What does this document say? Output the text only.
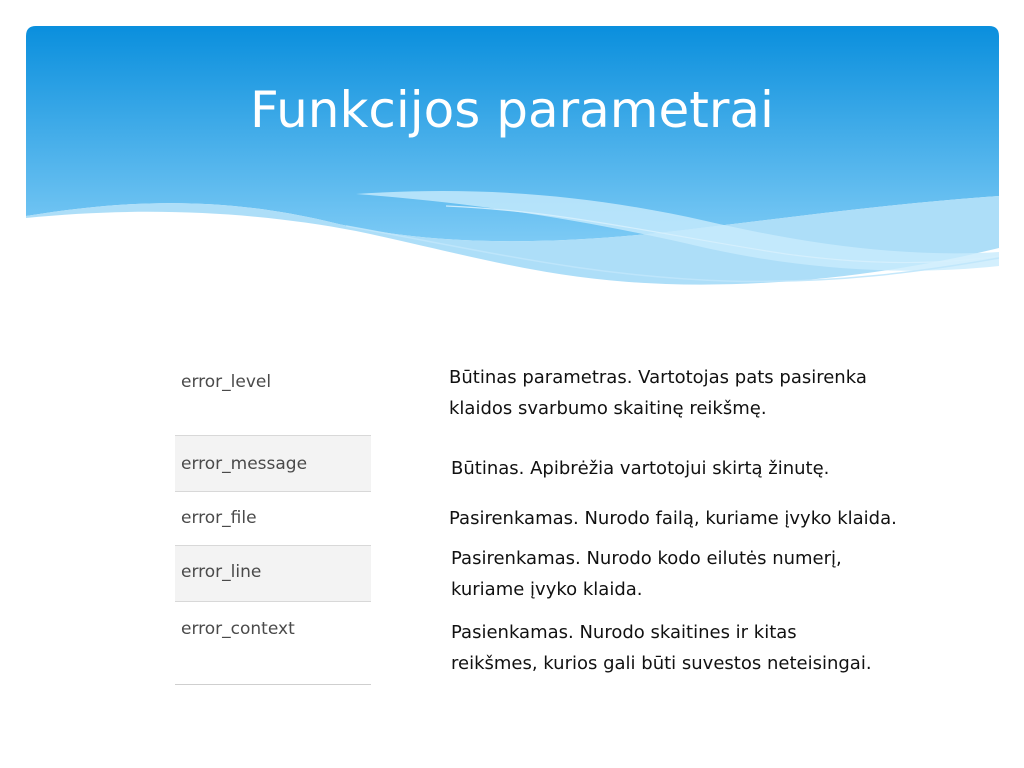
Funkcijos parametrai
error_level
error_message
error_file
error_line
error_context

Būtinas parametras. Vartotojas pats pasirenka
klaidos svarbumo skaitinę reikšmę.

Būtinas. Apibrėžia vartotojui skirtą žinutę.

Pasirenkamas. Nurodo failą, kuriame įvyko klaida.

Pasirenkamas. Nurodo kodo eilutės numerį,
kuriame įvyko klaida.

Pasienkamas. Nurodo skaitines ir kitas
reikšmes, kurios gali būti suvestos neteisingai.
